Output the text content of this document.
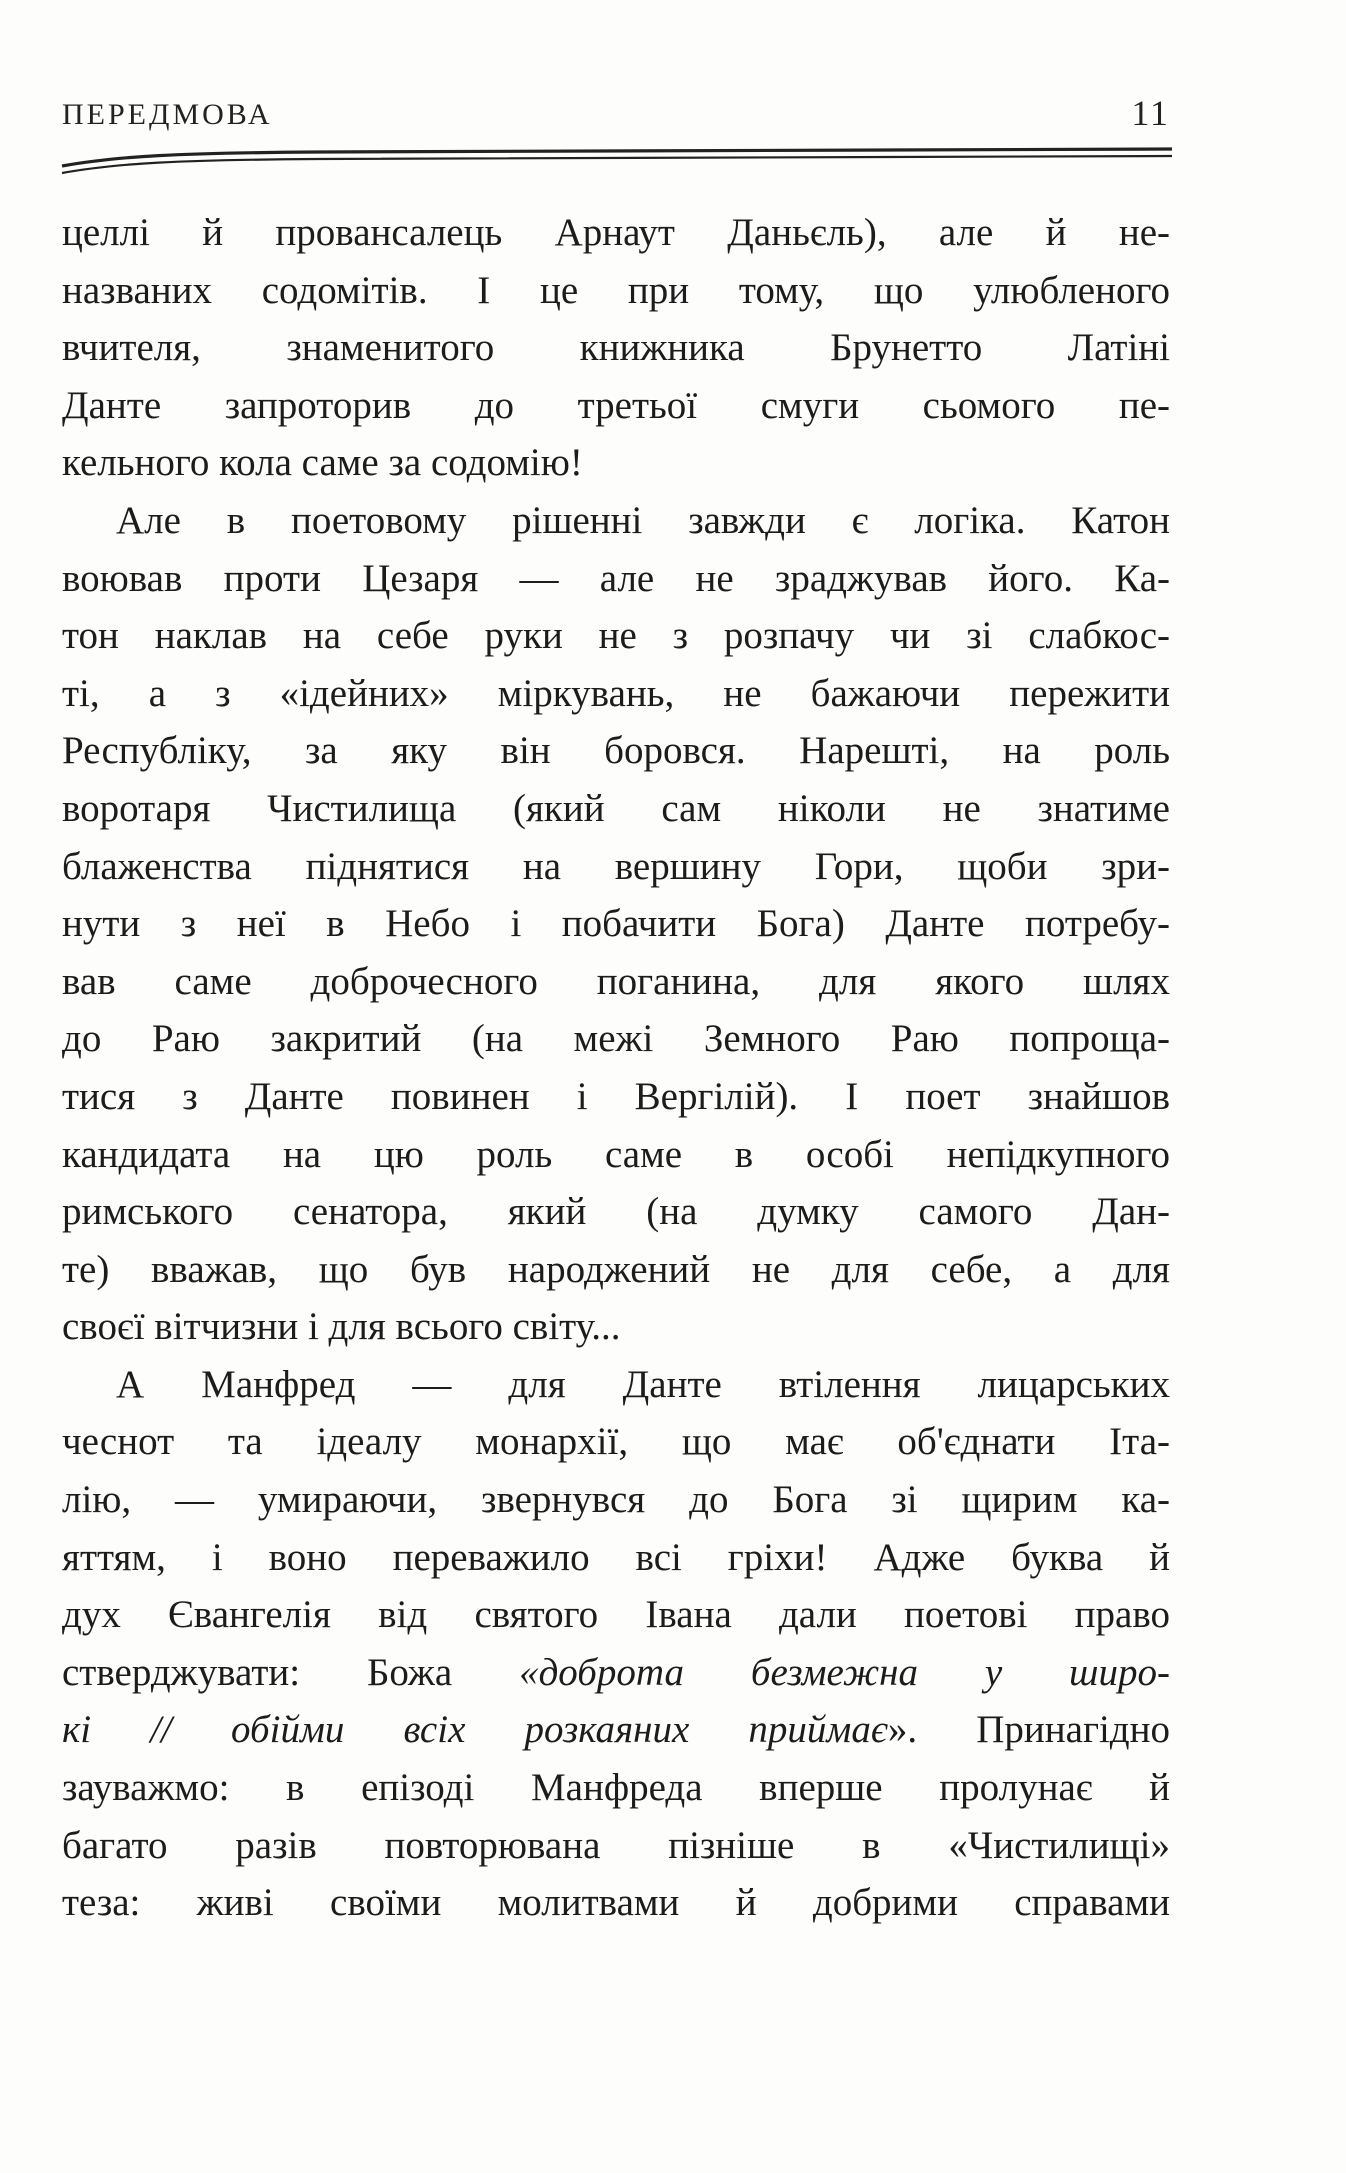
ПЕРЕДМОВА	11
целлі й провансалець Арнаут Даньєль), але й не-
названих содомітів. І це при тому, що улюбленого
вчителя, знаменитого книжника Брунетто Латіні
Данте запроторив до третьої смуги сьомого пе-
кельного кола саме за содомію!
Але в поетовому рішенні завжди є логіка. Катон
воював проти Цезаря — але не зраджував його. Ка-
тон наклав на себе руки не з розпачу чи зі слабкос-
ті, а з «ідейних» міркувань, не бажаючи пережити
Республіку, за яку він боровся. Нарешті, на роль
воротаря Чистилища (який сам ніколи не знатиме
блаженства піднятися на вершину Гори, щоби зри-
нути з неї в Небо і побачити Бога) Данте потребу-
вав саме доброчесного поганина, для якого шлях
до Раю закритий (на межі Земного Раю попроща-
тися з Данте повинен і Вергілій). І поет знайшов
кандидата на цю роль саме в особі непідкупного
римського сенатора, який (на думку самого Дан-
те) вважав, що був народжений не для себе, а для
своєї вітчизни і для всього світу...
А Манфред — для Данте втілення лицарських
чеснот та ідеалу монархії, що має об'єднати Іта-
лію, — умираючи, звернувся до Бога зі щирим ка-
яттям, і воно переважило всі гріхи! Адже буква й
дух Євангелія від святого Івана дали поетові право
стверджувати: Божа «доброта безмежна у широ-
кі // обійми всіх розкаяних приймає». Принагідно
зауважмо: в епізоді Манфреда вперше пролунає й
багато разів повторювана пізніше в «Чистилищі»
теза: живі своїми молитвами й добрими справами
